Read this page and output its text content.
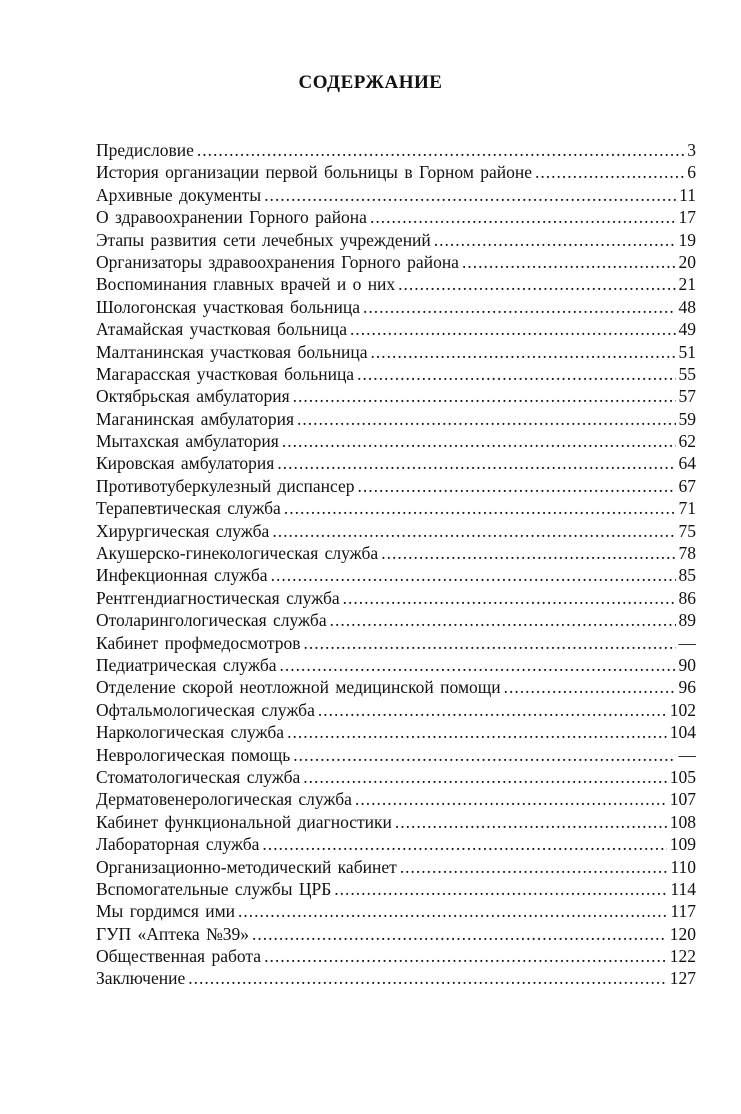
СОДЕРЖАНИЕ
Предисловие .....	3
История организации первой больницы в Горном районе .....	6
Архивные документы .....	11
О здравоохранении Горного района .....	17
Этапы развития сети лечебных учреждений .....	19
Организаторы здравоохранения Горного района .....	20
Воспоминания главных врачей и о них .....	21
Шологонская участковая больница .....	48
Атамайская участковая больница .....	49
Малтанинская участковая больница .....	51
Магарасская участковая больница .....	55
Октябрьская амбулатория .....	57
Маганинская амбулатория .....	59
Мытахская амбулатория .....	62
Кировская амбулатория .....	64
Противотуберкулезный диспансер .....	67
Терапевтическая служба .....	71
Хирургическая служба .....	75
Акушерско-гинекологическая служба .....	78
Инфекционная служба .....	85
Рентгендиагностическая служба .....	86
Отоларингологическая служба .....	89
Кабинет профмедосмотров .....	—
Педиатрическая служба .....	90
Отделение скорой неотложной медицинской помощи .....	96
Офтальмологическая служба .....	102
Наркологическая служба .....	104
Неврологическая помощь .....	—
Стоматологическая служба .....	105
Дерматовенерологическая служба .....	107
Кабинет функциональной диагностики .....	108
Лабораторная служба .....	109
Организационно-методический кабинет .....	110
Вспомогательные службы ЦРБ .....	114
Мы гордимся ими .....	117
ГУП «Аптека №39» .....	120
Общественная работа .....	122
Заключение .....	127
